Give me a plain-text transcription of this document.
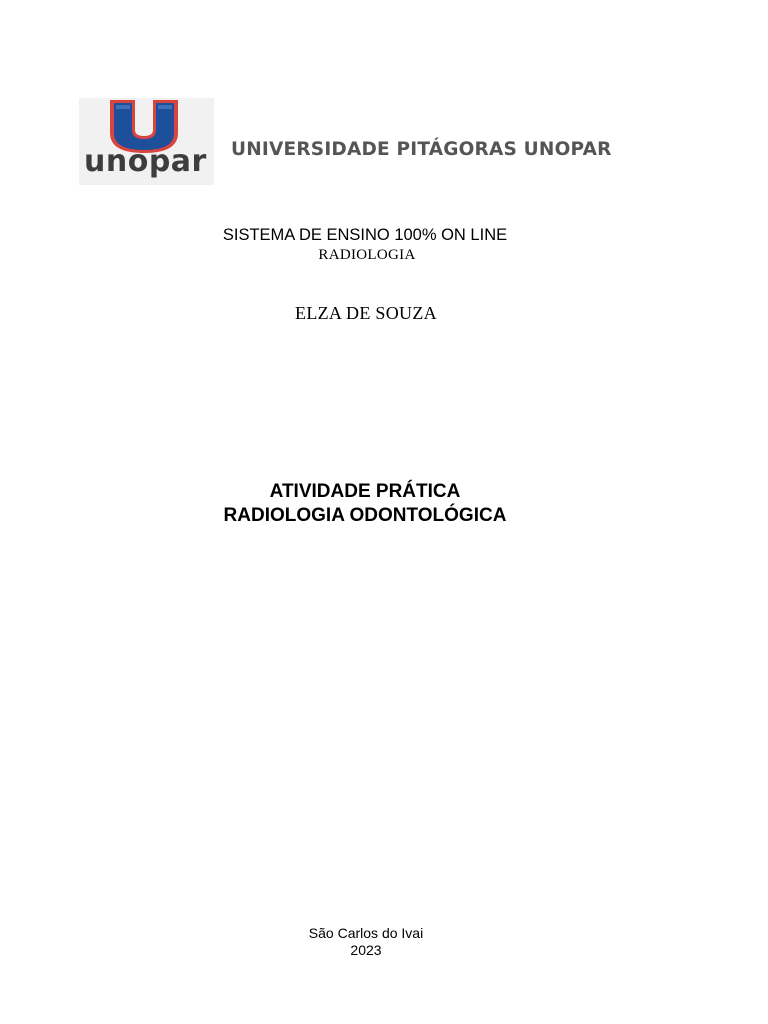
unopar	UNIVERSIDADE PITÁGORAS UNOPAR
SISTEMA DE ENSINO 100% ON LINE
RADIOLOGIA
ELZA DE SOUZA
ATIVIDADE PRÁTICA
RADIOLOGIA ODONTOLÓGICA
São Carlos do Ivai
2023
